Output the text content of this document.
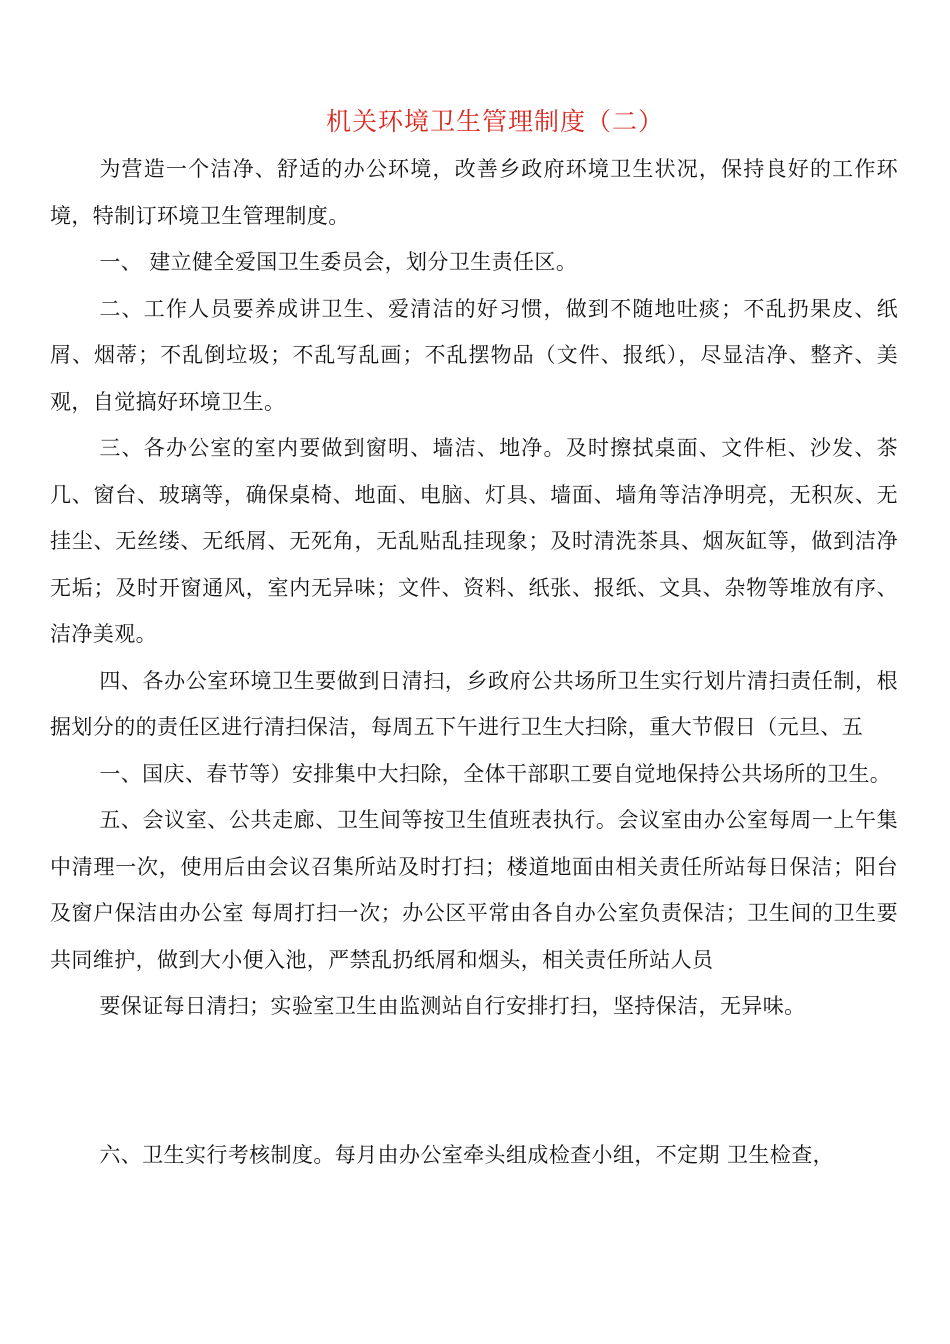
机关环境卫生管理制度（二）

为营造一个洁净、舒适的办公环境，改善乡政府环境卫生状况，保持良好的工作环境，特制订环境卫生管理制度。

一、 建立健全爱国卫生委员会，划分卫生责任区。

二、工作人员要养成讲卫生、爱清洁的好习惯，做到不随地吐痰；不乱扔果皮、纸屑、烟蒂；不乱倒垃圾；不乱写乱画；不乱摆物品（文件、报纸），尽显洁净、整齐、美观，自觉搞好环境卫生。

三、各办公室的室内要做到窗明、墙洁、地净。及时擦拭桌面、文件柜、沙发、茶几、窗台、玻璃等，确保桌椅、地面、电脑、灯具、墙面、墙角等洁净明亮，无积灰、无挂尘、无丝缕、无纸屑、无死角，无乱贴乱挂现象；及时清洗茶具、烟灰缸等，做到洁净无垢；及时开窗通风，室内无异味；文件、资料、纸张、报纸、文具、杂物等堆放有序、洁净美观。

四、各办公室环境卫生要做到日清扫，乡政府公共场所卫生实行划片清扫责任制，根据划分的的责任区进行清扫保洁，每周五下午进行卫生大扫除，重大节假日（元旦、五

一、国庆、春节等）安排集中大扫除，全体干部职工要自觉地保持公共场所的卫生。

五、会议室、公共走廊、卫生间等按卫生值班表执行。会议室由办公室每周一上午集中清理一次，使用后由会议召集所站及时打扫；楼道地面由相关责任所站每日保洁；阳台及窗户保洁由办公室 每周打扫一次；办公区平常由各自办公室负责保洁；卫生间的卫生要共同维护，做到大小便入池，严禁乱扔纸屑和烟头，相关责任所站人员

要保证每日清扫；实验室卫生由监测站自行安排打扫，坚持保洁，无异味。

六、卫生实行考核制度。每月由办公室牵头组成检查小组，不定期 卫生检查，
